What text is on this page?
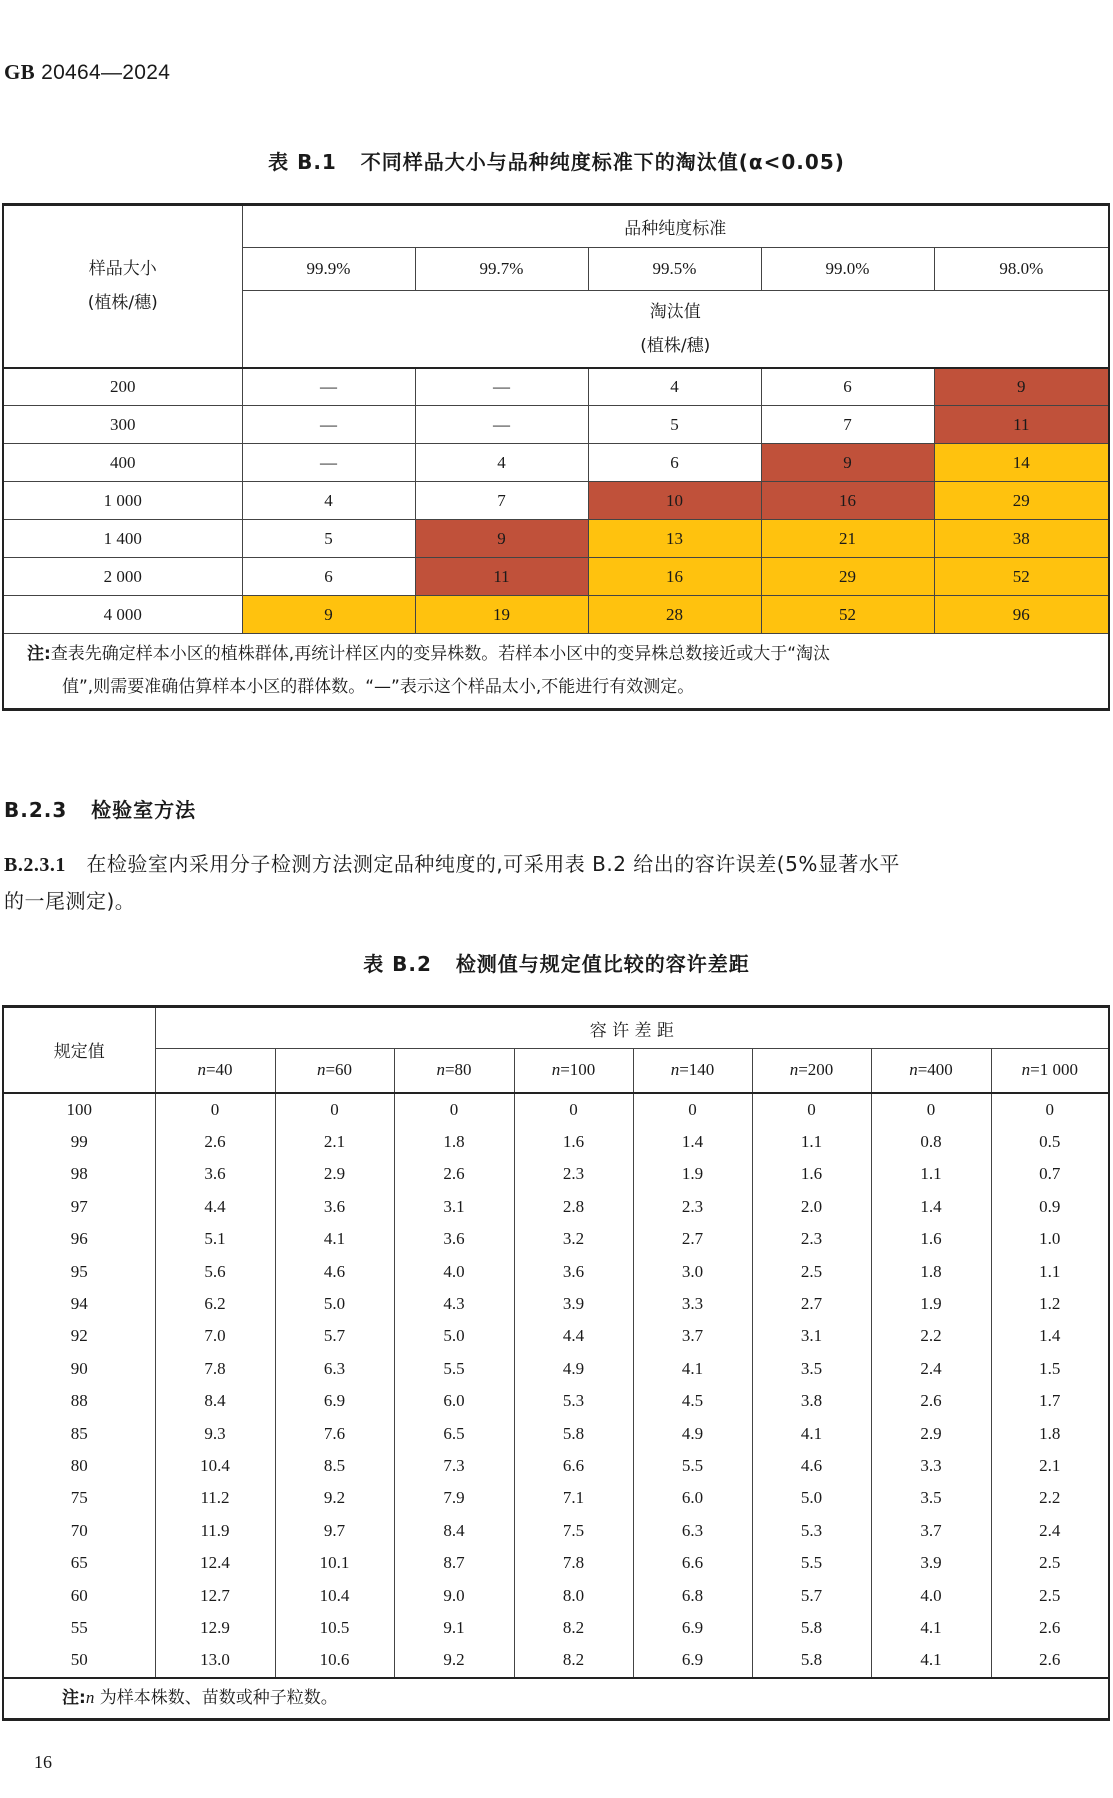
GB 20464—2024
表 B.1 不同样品大小与品种纯度标准下的淘汰值(α<0.05)
样品大小
(植株/穗)	品种纯度标准				
	99.9%	99.7%	99.5%	99.0%	98.0%

	淘汰值
(植株/穗)				

200	—	—	4	6	9
300	—	—	5	7	11
400	—	4	6	9	14
1 000	4	7	10	16	29
1 400	5	9	13	21	38
2 000	6	11	16	29	52
4 000	9	19	28	52	96

注:查表先确定样本小区的植株群体,再统计样区内的变异株数。若样本小区中的变异株总数接近或大于“淘汰
值”,则需要准确估算样本小区的群体数。“—”表示这个样品太小,不能进行有效测定。					
B.2.3 检验室方法
B.2.3.1 在检验室内采用分子检测方法测定品种纯度的,可采用表 B.2 给出的容许误差(5%显著水平
的一尾测定)。
表 B.2 检测值与规定值比较的容许差距
规定值	容 许 差 距							
	n=40	n=60	n=80	n=100	n=140	n=200	n=400	n=1 000
100	0	0	0	0	0	0	0	0
99	2.6	2.1	1.8	1.6	1.4	1.1	0.8	0.5
98	3.6	2.9	2.6	2.3	1.9	1.6	1.1	0.7
97	4.4	3.6	3.1	2.8	2.3	2.0	1.4	0.9
96	5.1	4.1	3.6	3.2	2.7	2.3	1.6	1.0
95	5.6	4.6	4.0	3.6	3.0	2.5	1.8	1.1
94	6.2	5.0	4.3	3.9	3.3	2.7	1.9	1.2
92	7.0	5.7	5.0	4.4	3.7	3.1	2.2	1.4
90	7.8	6.3	5.5	4.9	4.1	3.5	2.4	1.5
88	8.4	6.9	6.0	5.3	4.5	3.8	2.6	1.7
85	9.3	7.6	6.5	5.8	4.9	4.1	2.9	1.8
80	10.4	8.5	7.3	6.6	5.5	4.6	3.3	2.1
75	11.2	9.2	7.9	7.1	6.0	5.0	3.5	2.2
70	11.9	9.7	8.4	7.5	6.3	5.3	3.7	2.4
65	12.4	10.1	8.7	7.8	6.6	5.5	3.9	2.5
60	12.7	10.4	9.0	8.0	6.8	5.7	4.0	2.5
55	12.9	10.5	9.1	8.2	6.9	5.8	4.1	2.6
50	13.0	10.6	9.2	8.2	6.9	5.8	4.1	2.6
注:n 为样本株数、苗数或种子粒数。								
16
